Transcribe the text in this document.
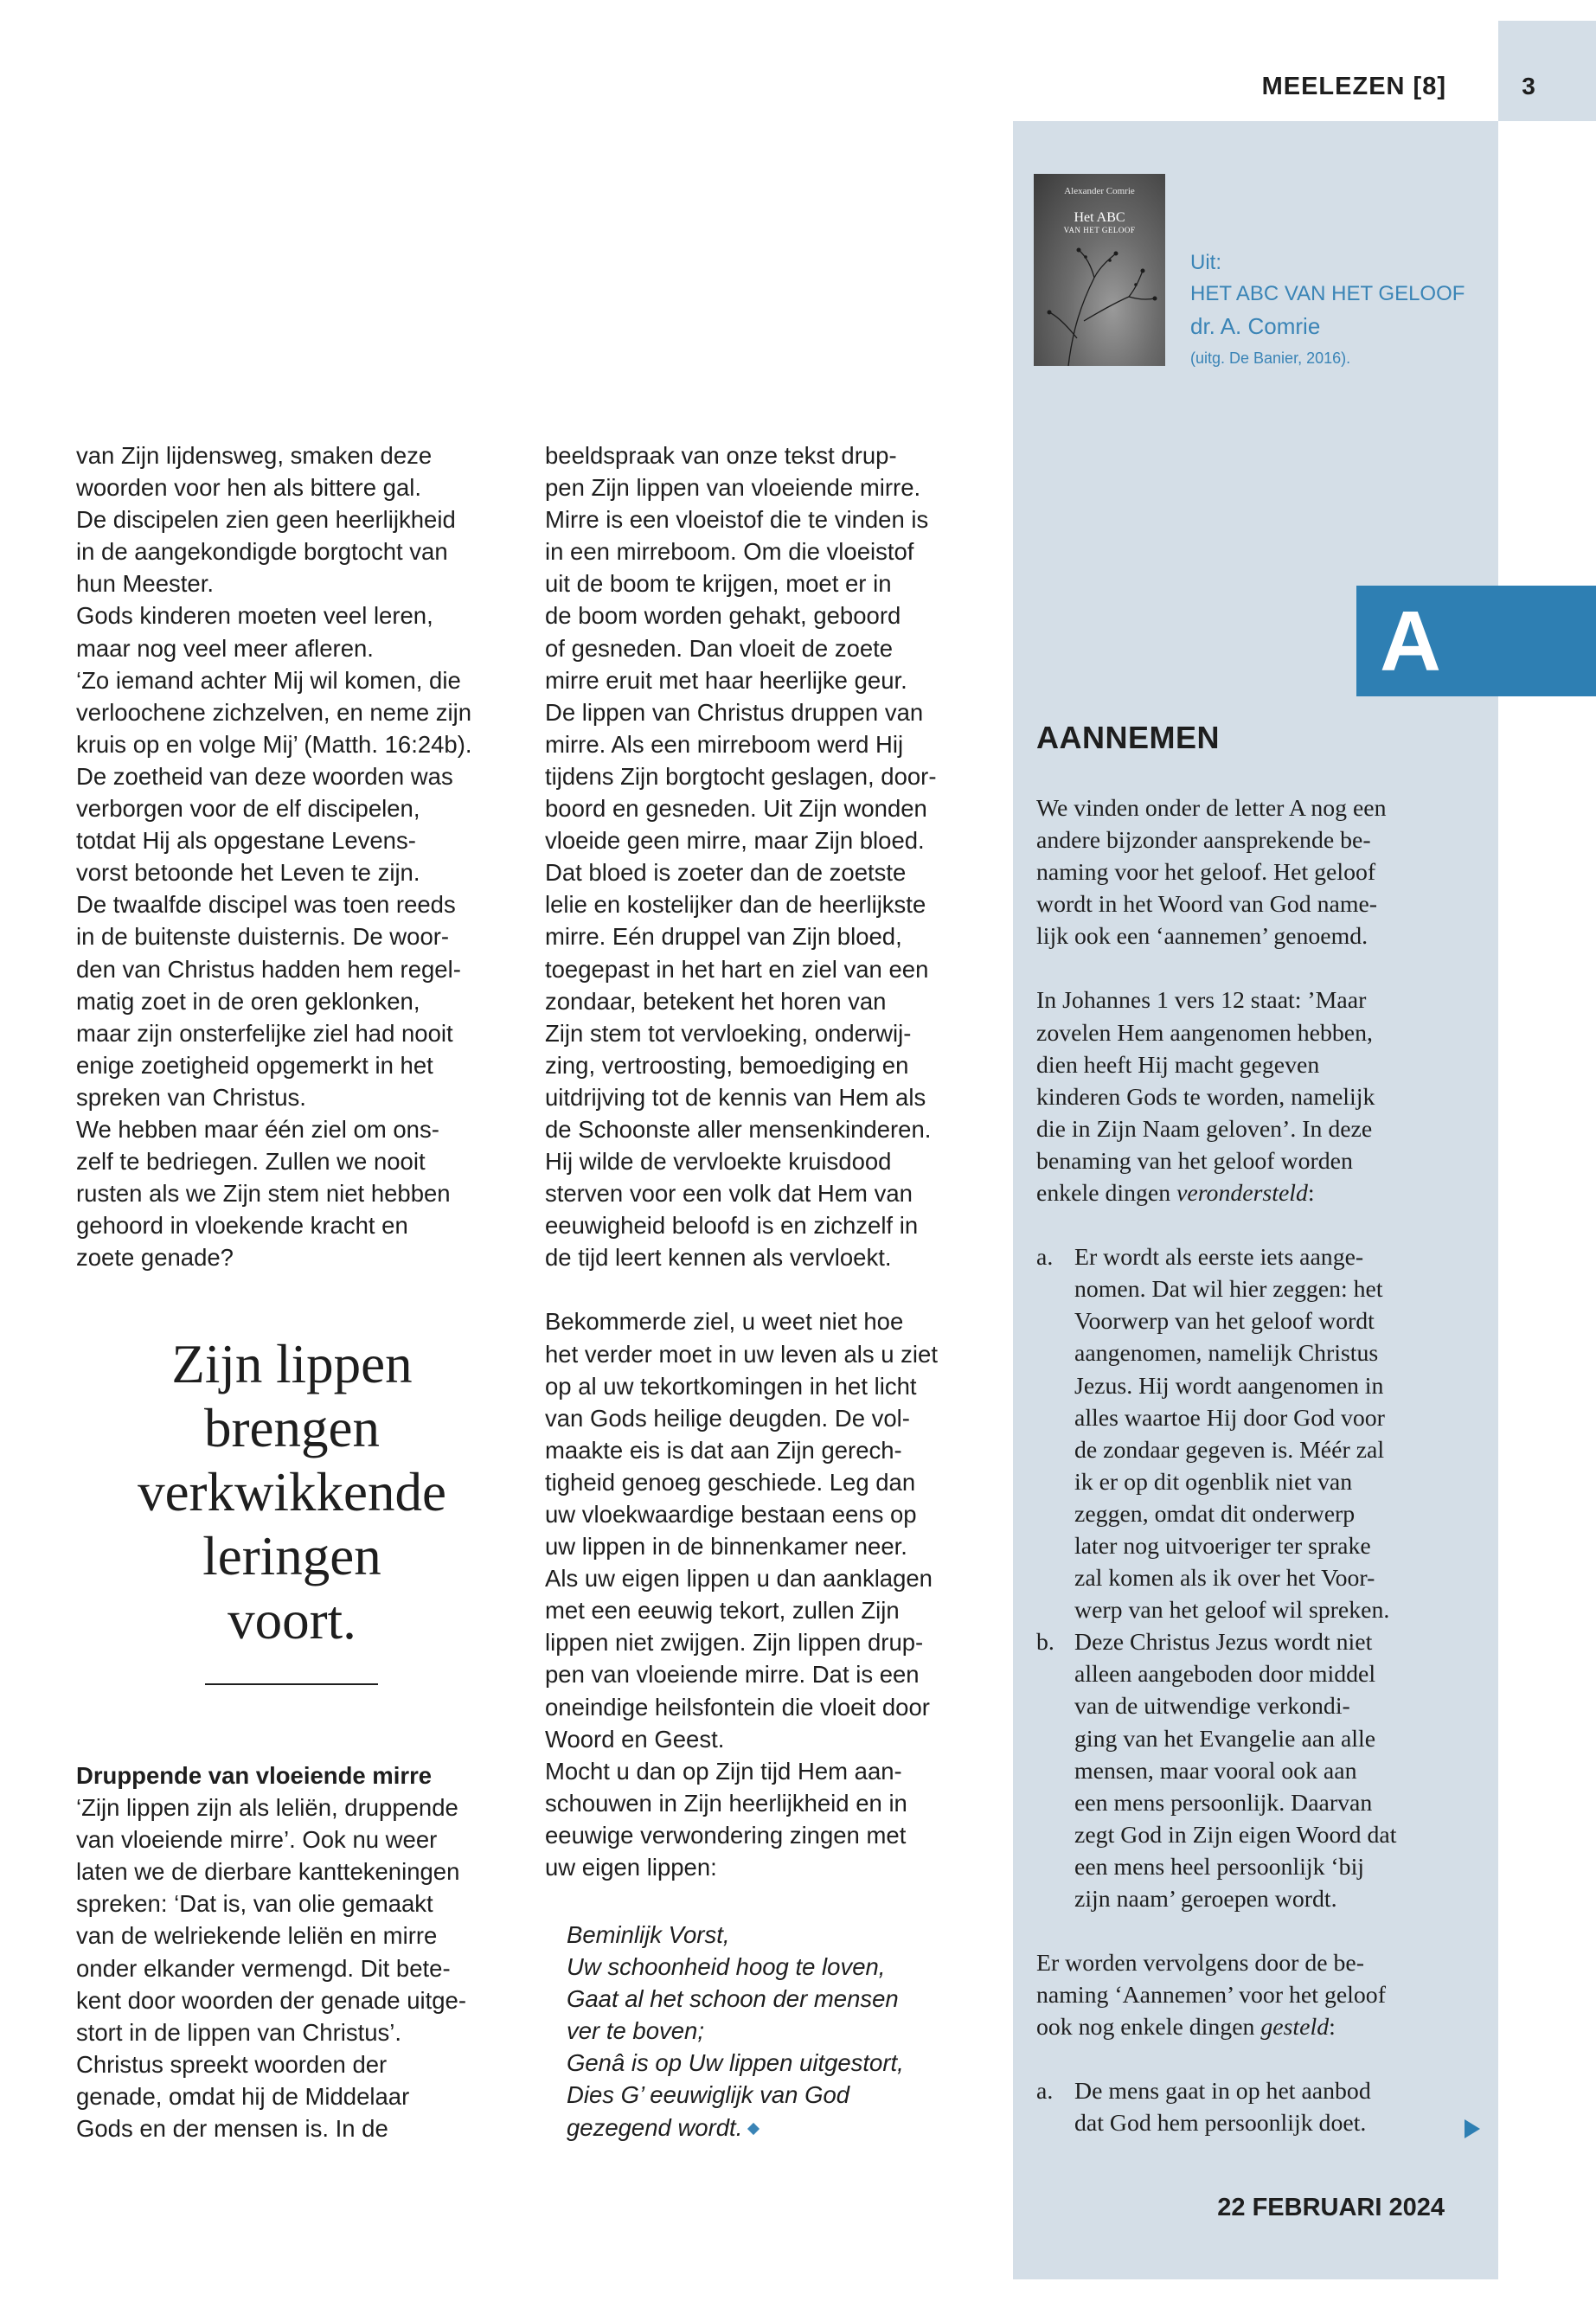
MEELEZEN [8]	3
Alexander Comrie
Het ABC
VAN HET GELOOF
Uit:
HET ABC VAN HET GELOOF
dr. A. Comrie
(uitg. De Banier, 2016).

van Zijn lijdensweg, smaken deze

woorden voor hen als bittere gal.

De discipelen zien geen heerlijkheid

in de aangekondigde borgtocht van

hun Meester.

Gods kinderen moeten veel leren,

maar nog veel meer afleren.

‘Zo iemand achter Mij wil komen, die

verloochene zichzelven, en neme zijn

kruis op en volge Mij’ (Matth. 16:24b).

De zoetheid van deze woorden was

verborgen voor de elf discipelen,

totdat Hij als opgestane Levens-

vorst betoonde het Leven te zijn.

De twaalfde discipel was toen reeds

in de buitenste duisternis. De woor-

den van Christus hadden hem regel-

matig zoet in de oren geklonken,

maar zijn onsterfelijke ziel had nooit

enige zoetigheid opgemerkt in het

spreken van Christus.

We hebben maar één ziel om ons-

zelf te bedriegen. Zullen we nooit

rusten als we Zijn stem niet hebben

gehoord in vloekende kracht en

zoete genade?

Zijn lippen
brengen
verkwikkende
leringen
voort.

Druppende van vloeiende mirre

‘Zijn lippen zijn als leliën, druppende

van vloeiende mirre’. Ook nu weer

laten we de dierbare kanttekeningen

spreken: ‘Dat is, van olie gemaakt

van de welriekende leliën en mirre

onder elkander vermengd. Dit bete-

kent door woorden der genade uitge-

stort in de lippen van Christus’.

Christus spreekt woorden der

genade, omdat hij de Middelaar

Gods en der mensen is. In de

beeldspraak van onze tekst drup-

pen Zijn lippen van vloeiende mirre.

Mirre is een vloeistof die te vinden is

in een mirreboom. Om die vloeistof

uit de boom te krijgen, moet er in

de boom worden gehakt, geboord

of gesneden. Dan vloeit de zoete

mirre eruit met haar heerlijke geur.

De lippen van Christus druppen van

mirre. Als een mirreboom werd Hij

tijdens Zijn borgtocht geslagen, door-

boord en gesneden. Uit Zijn wonden

vloeide geen mirre, maar Zijn bloed.

Dat bloed is zoeter dan de zoetste

lelie en kostelijker dan de heerlijkste

mirre. Eén druppel van Zijn bloed,

toegepast in het hart en ziel van een

zondaar, betekent het horen van

Zijn stem tot vervloeking, onderwij-

zing, vertroosting, bemoediging en

uitdrijving tot de kennis van Hem als

de Schoonste aller mensenkinderen.

Hij wilde de vervloekte kruisdood

sterven voor een volk dat Hem van

eeuwigheid beloofd is en zichzelf in

de tijd leert kennen als vervloekt.

Bekommerde ziel, u weet niet hoe

het verder moet in uw leven als u ziet

op al uw tekortkomingen in het licht

van Gods heilige deugden. De vol-

maakte eis is dat aan Zijn gerech-

tigheid genoeg geschiede. Leg dan

uw vloekwaardige bestaan eens op

uw lippen in de binnenkamer neer.

Als uw eigen lippen u dan aanklagen

met een eeuwig tekort, zullen Zijn

lippen niet zwijgen. Zijn lippen drup-

pen van vloeiende mirre. Dat is een

oneindige heilsfontein die vloeit door

Woord en Geest.

Mocht u dan op Zijn tijd Hem aan-

schouwen in Zijn heerlijkheid en in

eeuwige verwondering zingen met

uw eigen lippen:

Beminlijk Vorst,

Uw schoonheid hoog te loven,

Gaat al het schoon der mensen

ver te boven;

Genâ is op Uw lippen uitgestort,

Dies G’ eeuwiglijk van God

gezegend wordt.

A
AANNEMEN

We vinden onder de letter A nog een

andere bijzonder aansprekende be-

naming voor het geloof. Het geloof

wordt in het Woord van God name-

lijk ook een ‘aannemen’ genoemd.

In Johannes 1 vers 12 staat: ’Maar

zovelen Hem aangenomen hebben,

dien heeft Hij macht gegeven

kinderen Gods te worden, namelijk

die in Zijn Naam geloven’. In deze

benaming van het geloof worden

enkele dingen verondersteld:

a. Er wordt als eerste iets aange-

nomen. Dat wil hier zeggen: het

Voorwerp van het geloof wordt

aangenomen, namelijk Christus

Jezus. Hij wordt aangenomen in

alles waartoe Hij door God voor

de zondaar gegeven is. Méér zal

ik er op dit ogenblik niet van

zeggen, omdat dit onderwerp

later nog uitvoeriger ter sprake

zal komen als ik over het Voor-

werp van het geloof wil spreken.

b. Deze Christus Jezus wordt niet

alleen aangeboden door middel

van de uitwendige verkondi-

ging van het Evangelie aan alle

mensen, maar vooral ook aan

een mens persoonlijk. Daarvan

zegt God in Zijn eigen Woord dat

een mens heel persoonlijk ‘bij

zijn naam’ geroepen wordt.

Er worden vervolgens door de be-

naming ‘Aannemen’ voor het geloof

ook nog enkele dingen gesteld:

a. De mens gaat in op het aanbod

dat God hem persoonlijk doet.

22 FEBRUARI 2024
